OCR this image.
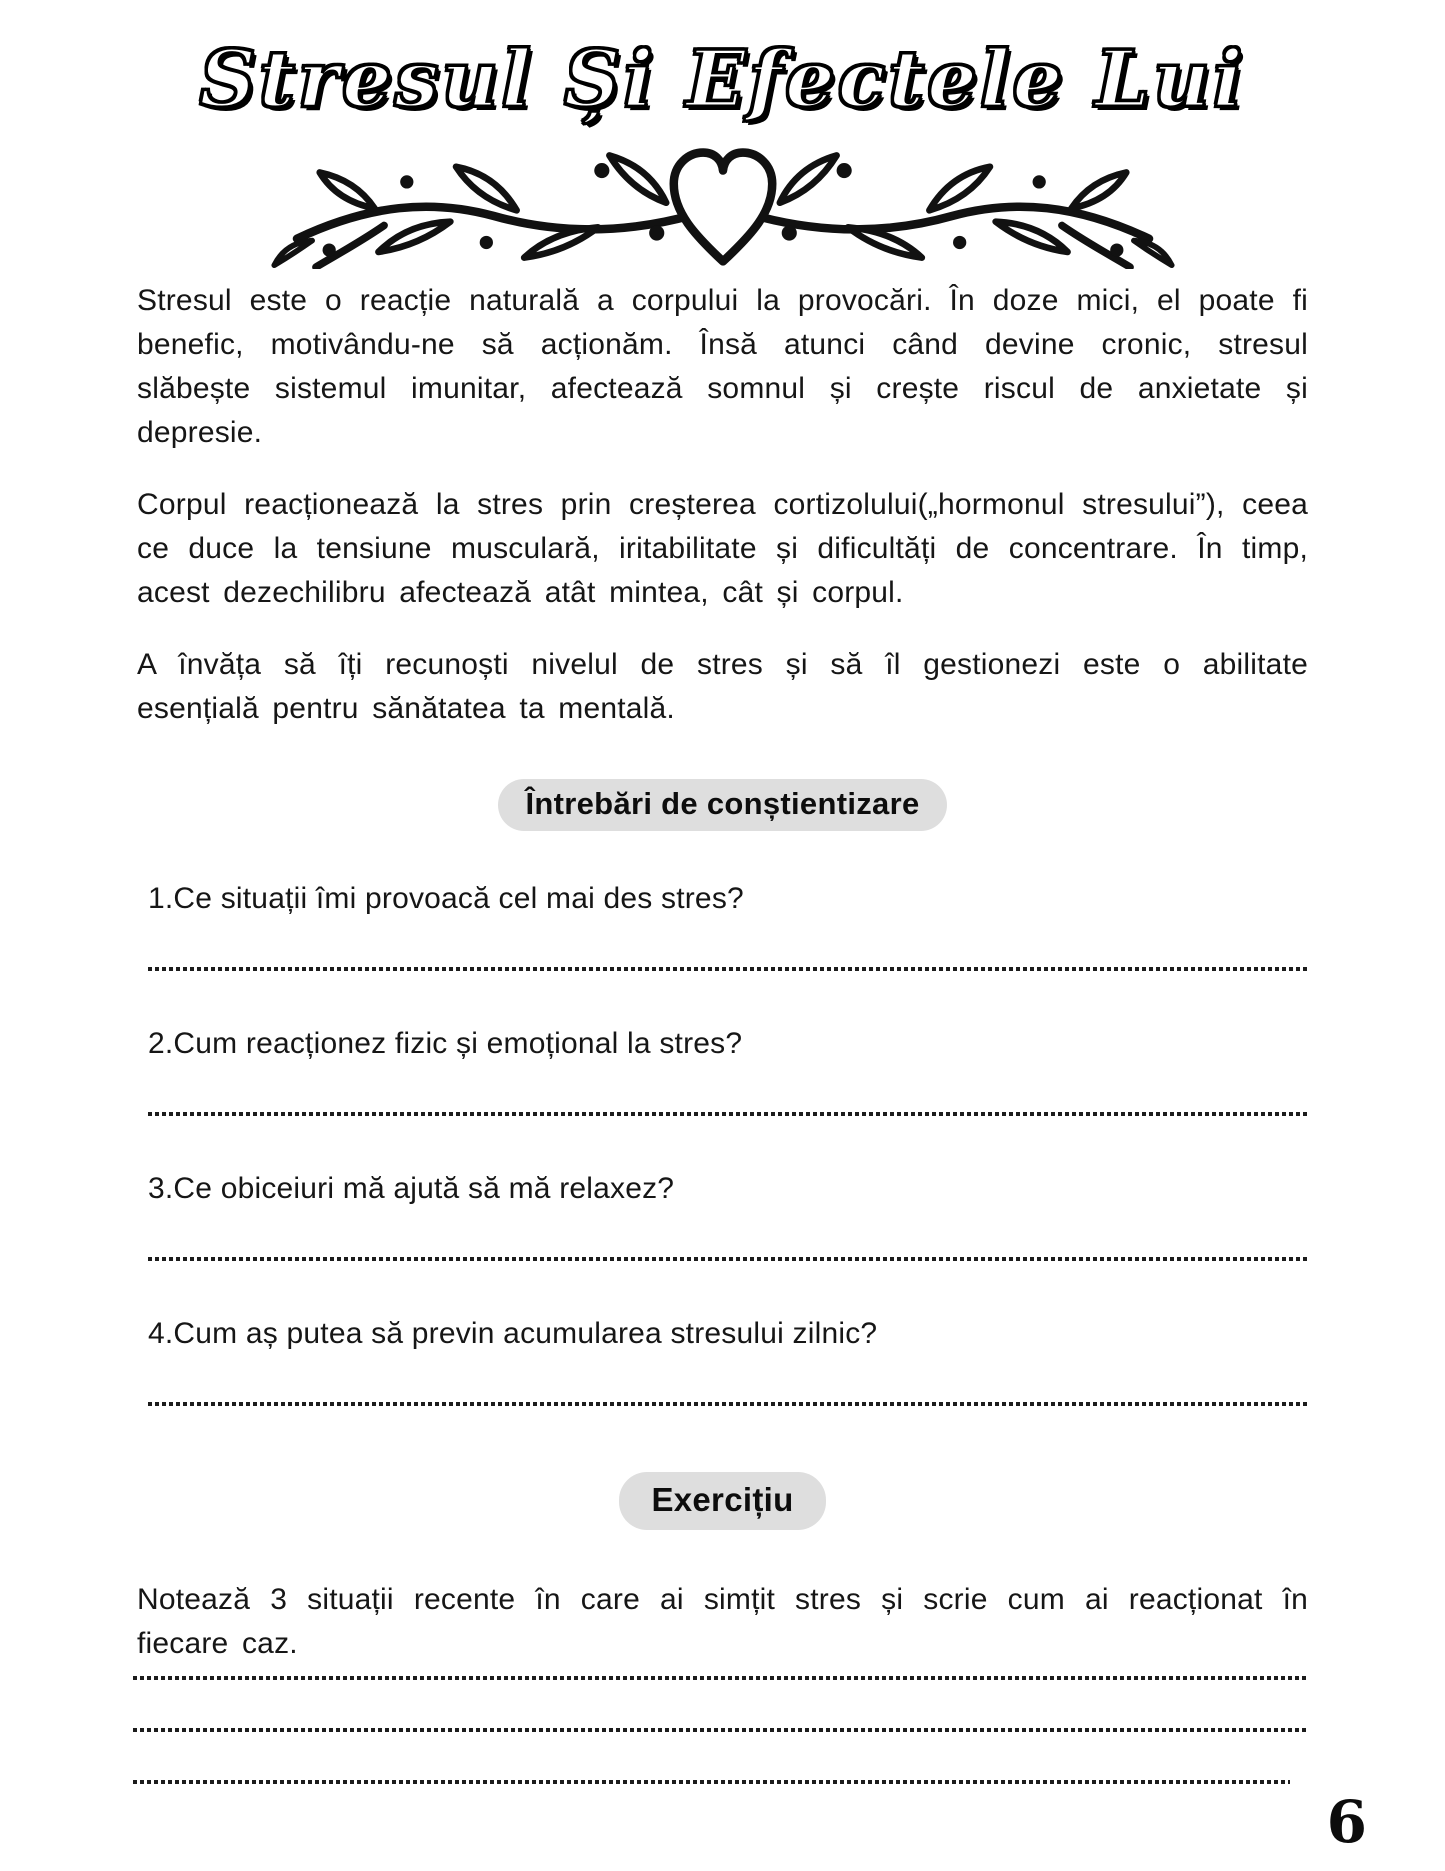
Stresul Și Efectele Lui

Stresul este o reacție naturală a corpului la provocări. În doze mici, el poate fi benefic, motivându-ne să acționăm. Însă atunci când devine cronic, stresul slăbește sistemul imunitar, afectează somnul și crește riscul de anxietate și depresie.

Corpul reacționează la stres prin creșterea cortizolului(„hormonul stresului”), ceea ce duce la tensiune musculară, iritabilitate și dificultăți de concentrare. În timp, acest dezechilibru afectează atât mintea, cât și corpul.

A învăța să îți recunoști nivelul de stres și să îl gestionezi este o abilitate esențială pentru sănătatea ta mentală.

Întrebări de conștientizare

1.Ce situații îmi provoacă cel mai des stres?

2.Cum reacționez fizic și emoțional la stres?

3.Ce obiceiuri mă ajută să mă relaxez?

4.Cum aș putea să previn acumularea stresului zilnic?

Exercițiu

Notează 3 situații recente în care ai simțit stres și scrie cum ai reacționat în fiecare caz.

6
